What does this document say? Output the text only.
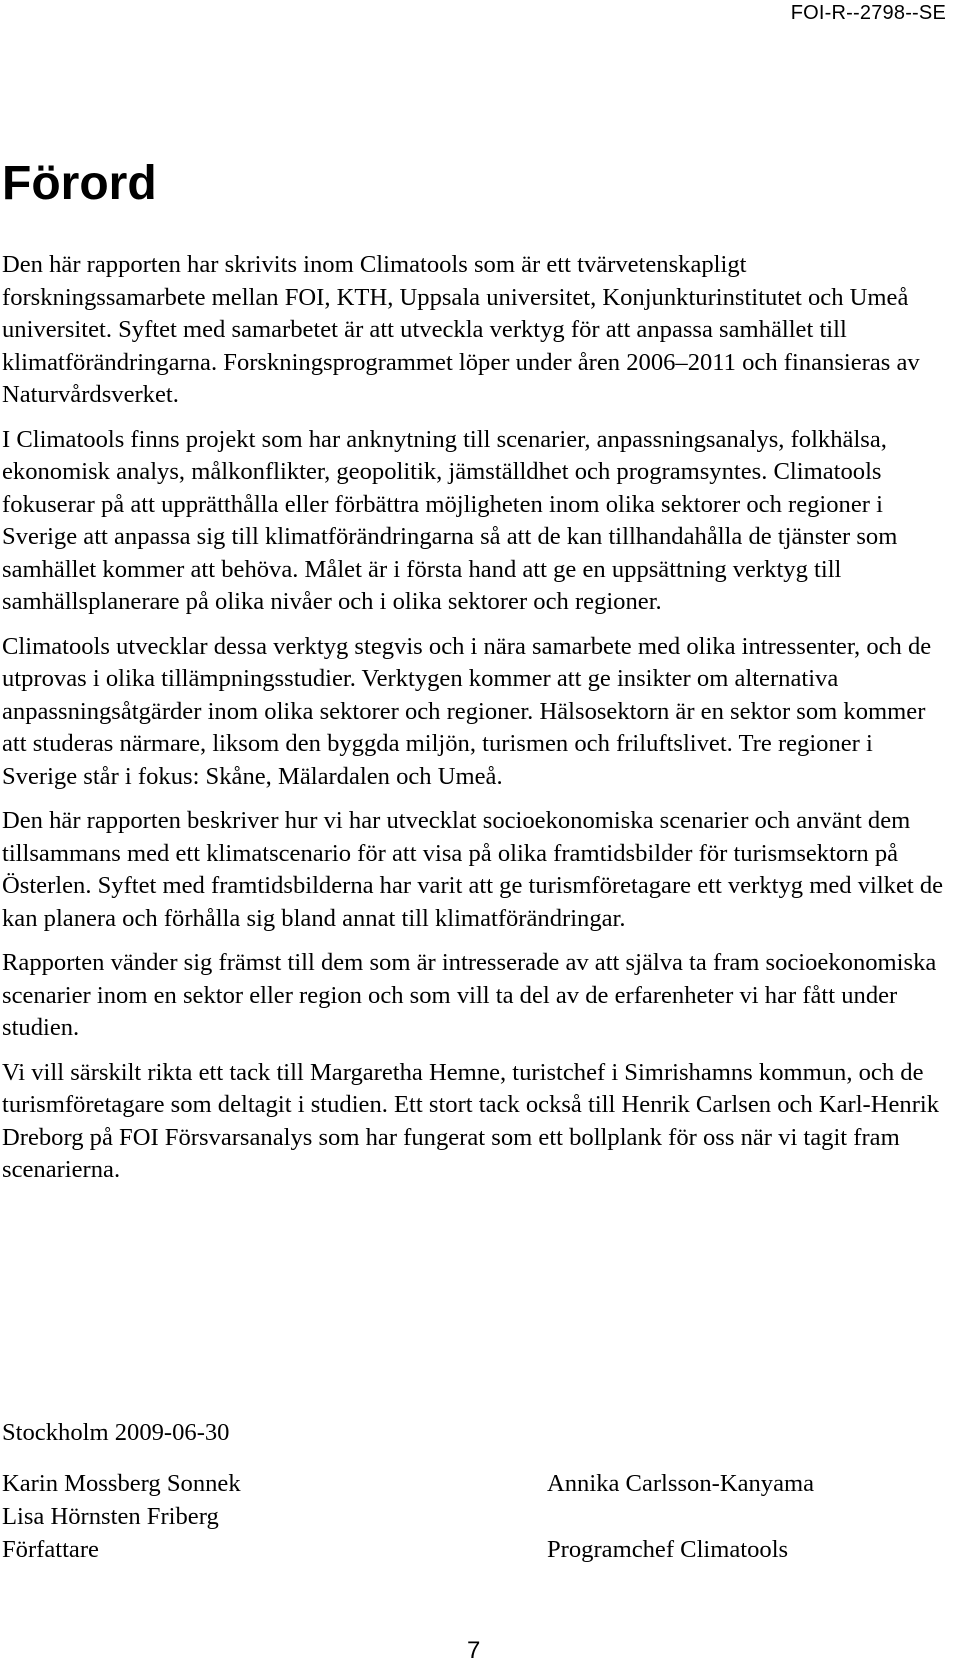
FOI-R--2798--SE
Förord

Den här rapporten har skrivits inom Climatools som är ett tvärvetenskapligt forskningssamarbete mellan FOI, KTH, Uppsala universitet, Konjunkturinstitutet och Umeå universitet. Syftet med samarbetet är att utveckla verktyg för att anpassa samhället till klimatförändringarna. Forskningsprogrammet löper under åren 2006–2011 och finansieras av Naturvårdsverket.

I Climatools finns projekt som har anknytning till scenarier, anpassningsanalys, folkhälsa, ekonomisk analys, målkonflikter, geopolitik, jämställdhet och programsyntes. Climatools fokuserar på att upprätthålla eller förbättra möjligheten inom olika sektorer och regioner i Sverige att anpassa sig till klimatförändringarna så att de kan tillhandahålla de tjänster som samhället kommer att behöva. Målet är i första hand att ge en uppsättning verktyg till samhällsplanerare på olika nivåer och i olika sektorer och regioner.

Climatools utvecklar dessa verktyg stegvis och i nära samarbete med olika intressenter, och de utprovas i olika tillämpningsstudier. Verktygen kommer att ge insikter om alternativa anpassningsåtgärder inom olika sektorer och regioner. Hälsosektorn är en sektor som kommer att studeras närmare, liksom den byggda miljön, turismen och friluftslivet. Tre regioner i Sverige står i fokus: Skåne, Mälardalen och Umeå.

Den här rapporten beskriver hur vi har utvecklat socioekonomiska scenarier och använt dem tillsammans med ett klimatscenario för att visa på olika framtidsbilder för turismsektorn på Österlen. Syftet med framtidsbilderna har varit att ge turismföretagare ett verktyg med vilket de kan planera och förhålla sig bland annat till klimatförändringar.

Rapporten vänder sig främst till dem som är intresserade av att själva ta fram socioekonomiska scenarier inom en sektor eller region och som vill ta del av de erfarenheter vi har fått under studien.

Vi vill särskilt rikta ett tack till Margaretha Hemne, turistchef i Simrishamns kommun, och de turismföretagare som deltagit i studien. Ett stort tack också till Henrik Carlsen och Karl-Henrik Dreborg på FOI Försvarsanalys som har fungerat som ett bollplank för oss när vi tagit fram scenarierna.

Stockholm 2009-06-30
Karin Mossberg Sonnek
Lisa Hörnsten Friberg
Författare
Annika Carlsson-Kanyama
Programchef Climatools
7
